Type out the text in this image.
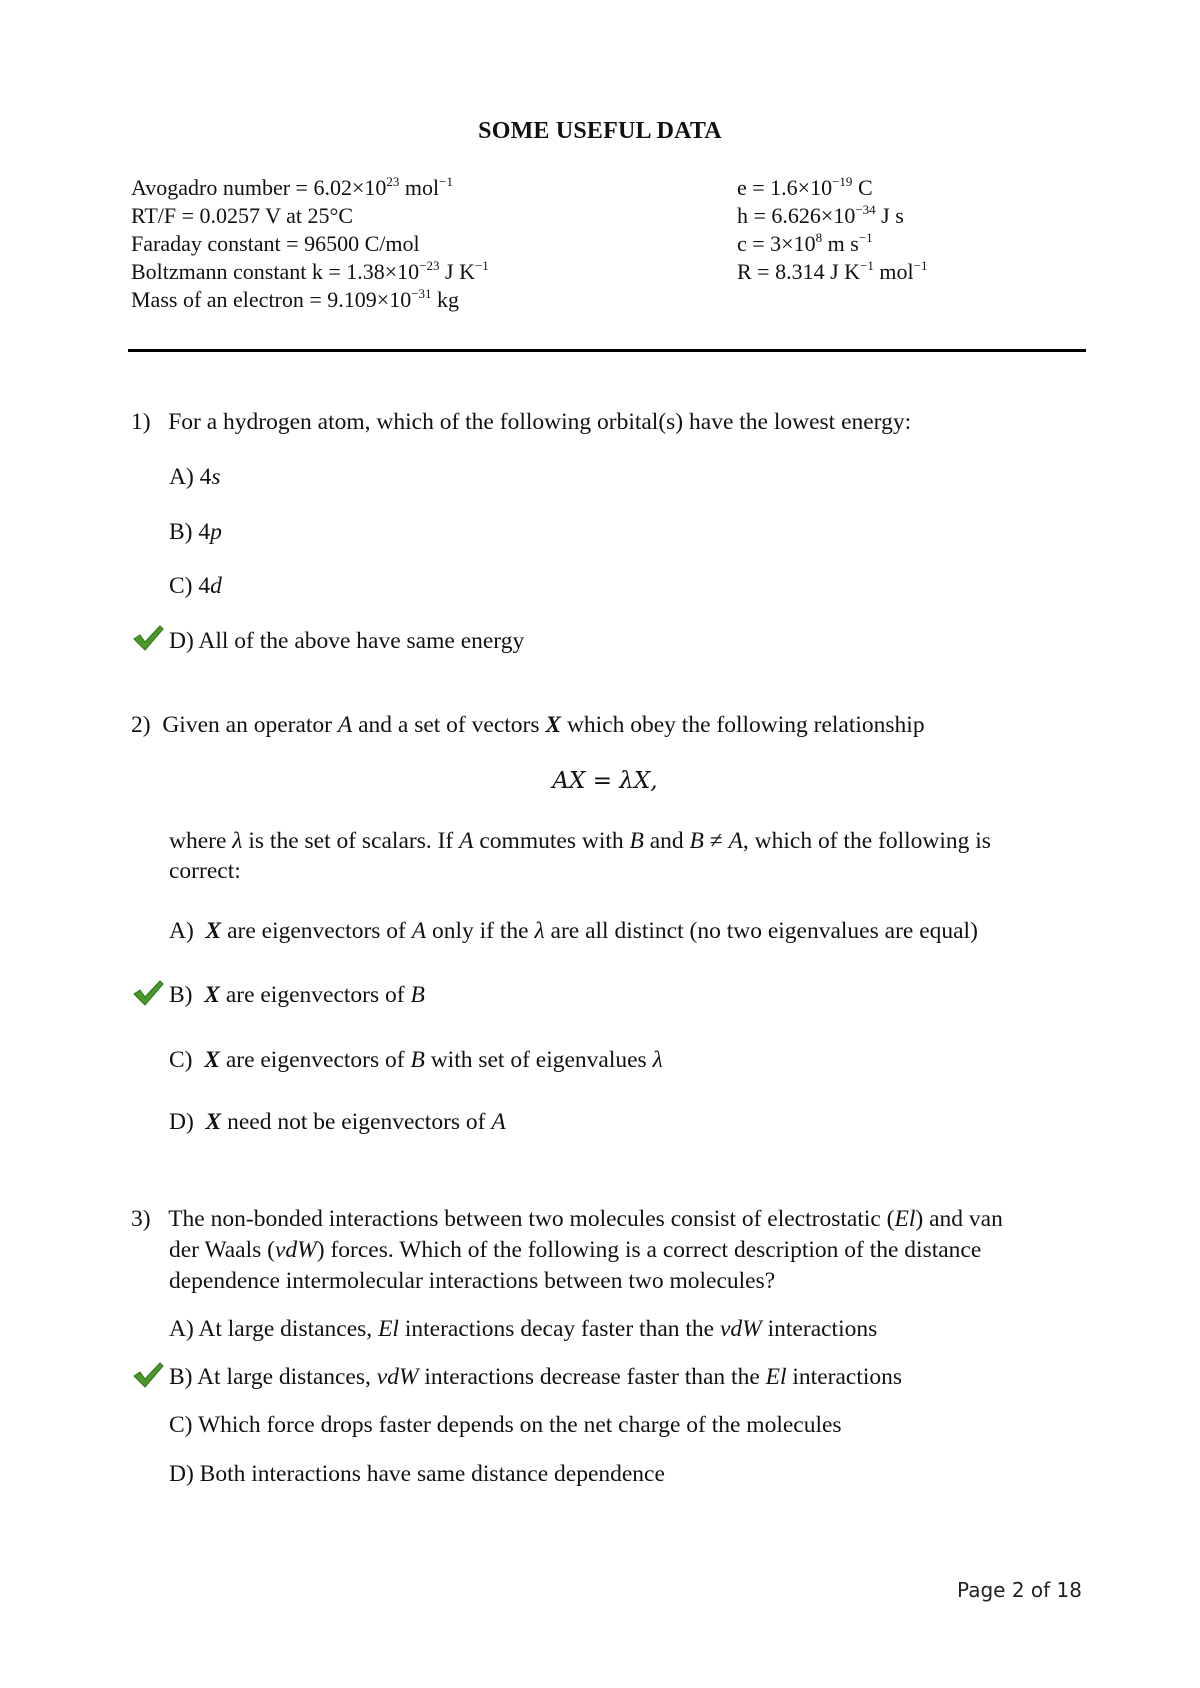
SOME USEFUL DATA
Avogadro number = $6.02\times 10^{23}$ mol$^{-1}$
RT/F = 0.0257 V at 25°C
Faraday constant = 96500 C/mol
Boltzmann constant $k = 1.38\times 10^{-23}$ J $K^{-1}$
Mass of an electron = $9.109\times 10^{-31}$ kg
$e = 1.6\times 10^{-19}$ C
$h = 6.626\times 10^{-34}$ J s
$c = 3\times 10^8$ m $s^{-1}$
R = 8.314 J $K^{-1}$ mol$^{-1}$
1) For a hydrogen atom, which of the following orbital(s) have the lowest energy:
A) 4s
B) 4p
C) 4d
D) All of the above have same energy
2) Given an operator A and a set of vectors X which obey the following relationship
AX = λX,
where λ is the set of scalars. If A commutes with B and B ≠ A, which of the following is
correct:
A) X are eigenvectors of A only if the λ are all distinct (no two eigenvalues are equal)
B) X are eigenvectors of B
C) X are eigenvectors of B with set of eigenvalues λ
D) X need not be eigenvectors of A
3) The non-bonded interactions between two molecules consist of electrostatic (El) and van
der Waals (vdW) forces. Which of the following is a correct description of the distance
dependence intermolecular interactions between two molecules?
A) At large distances, El interactions decay faster than the vdW interactions
B) At large distances, vdW interactions decrease faster than the El interactions
C) Which force drops faster depends on the net charge of the molecules
D) Both interactions have same distance dependence
Page 2 of 18
